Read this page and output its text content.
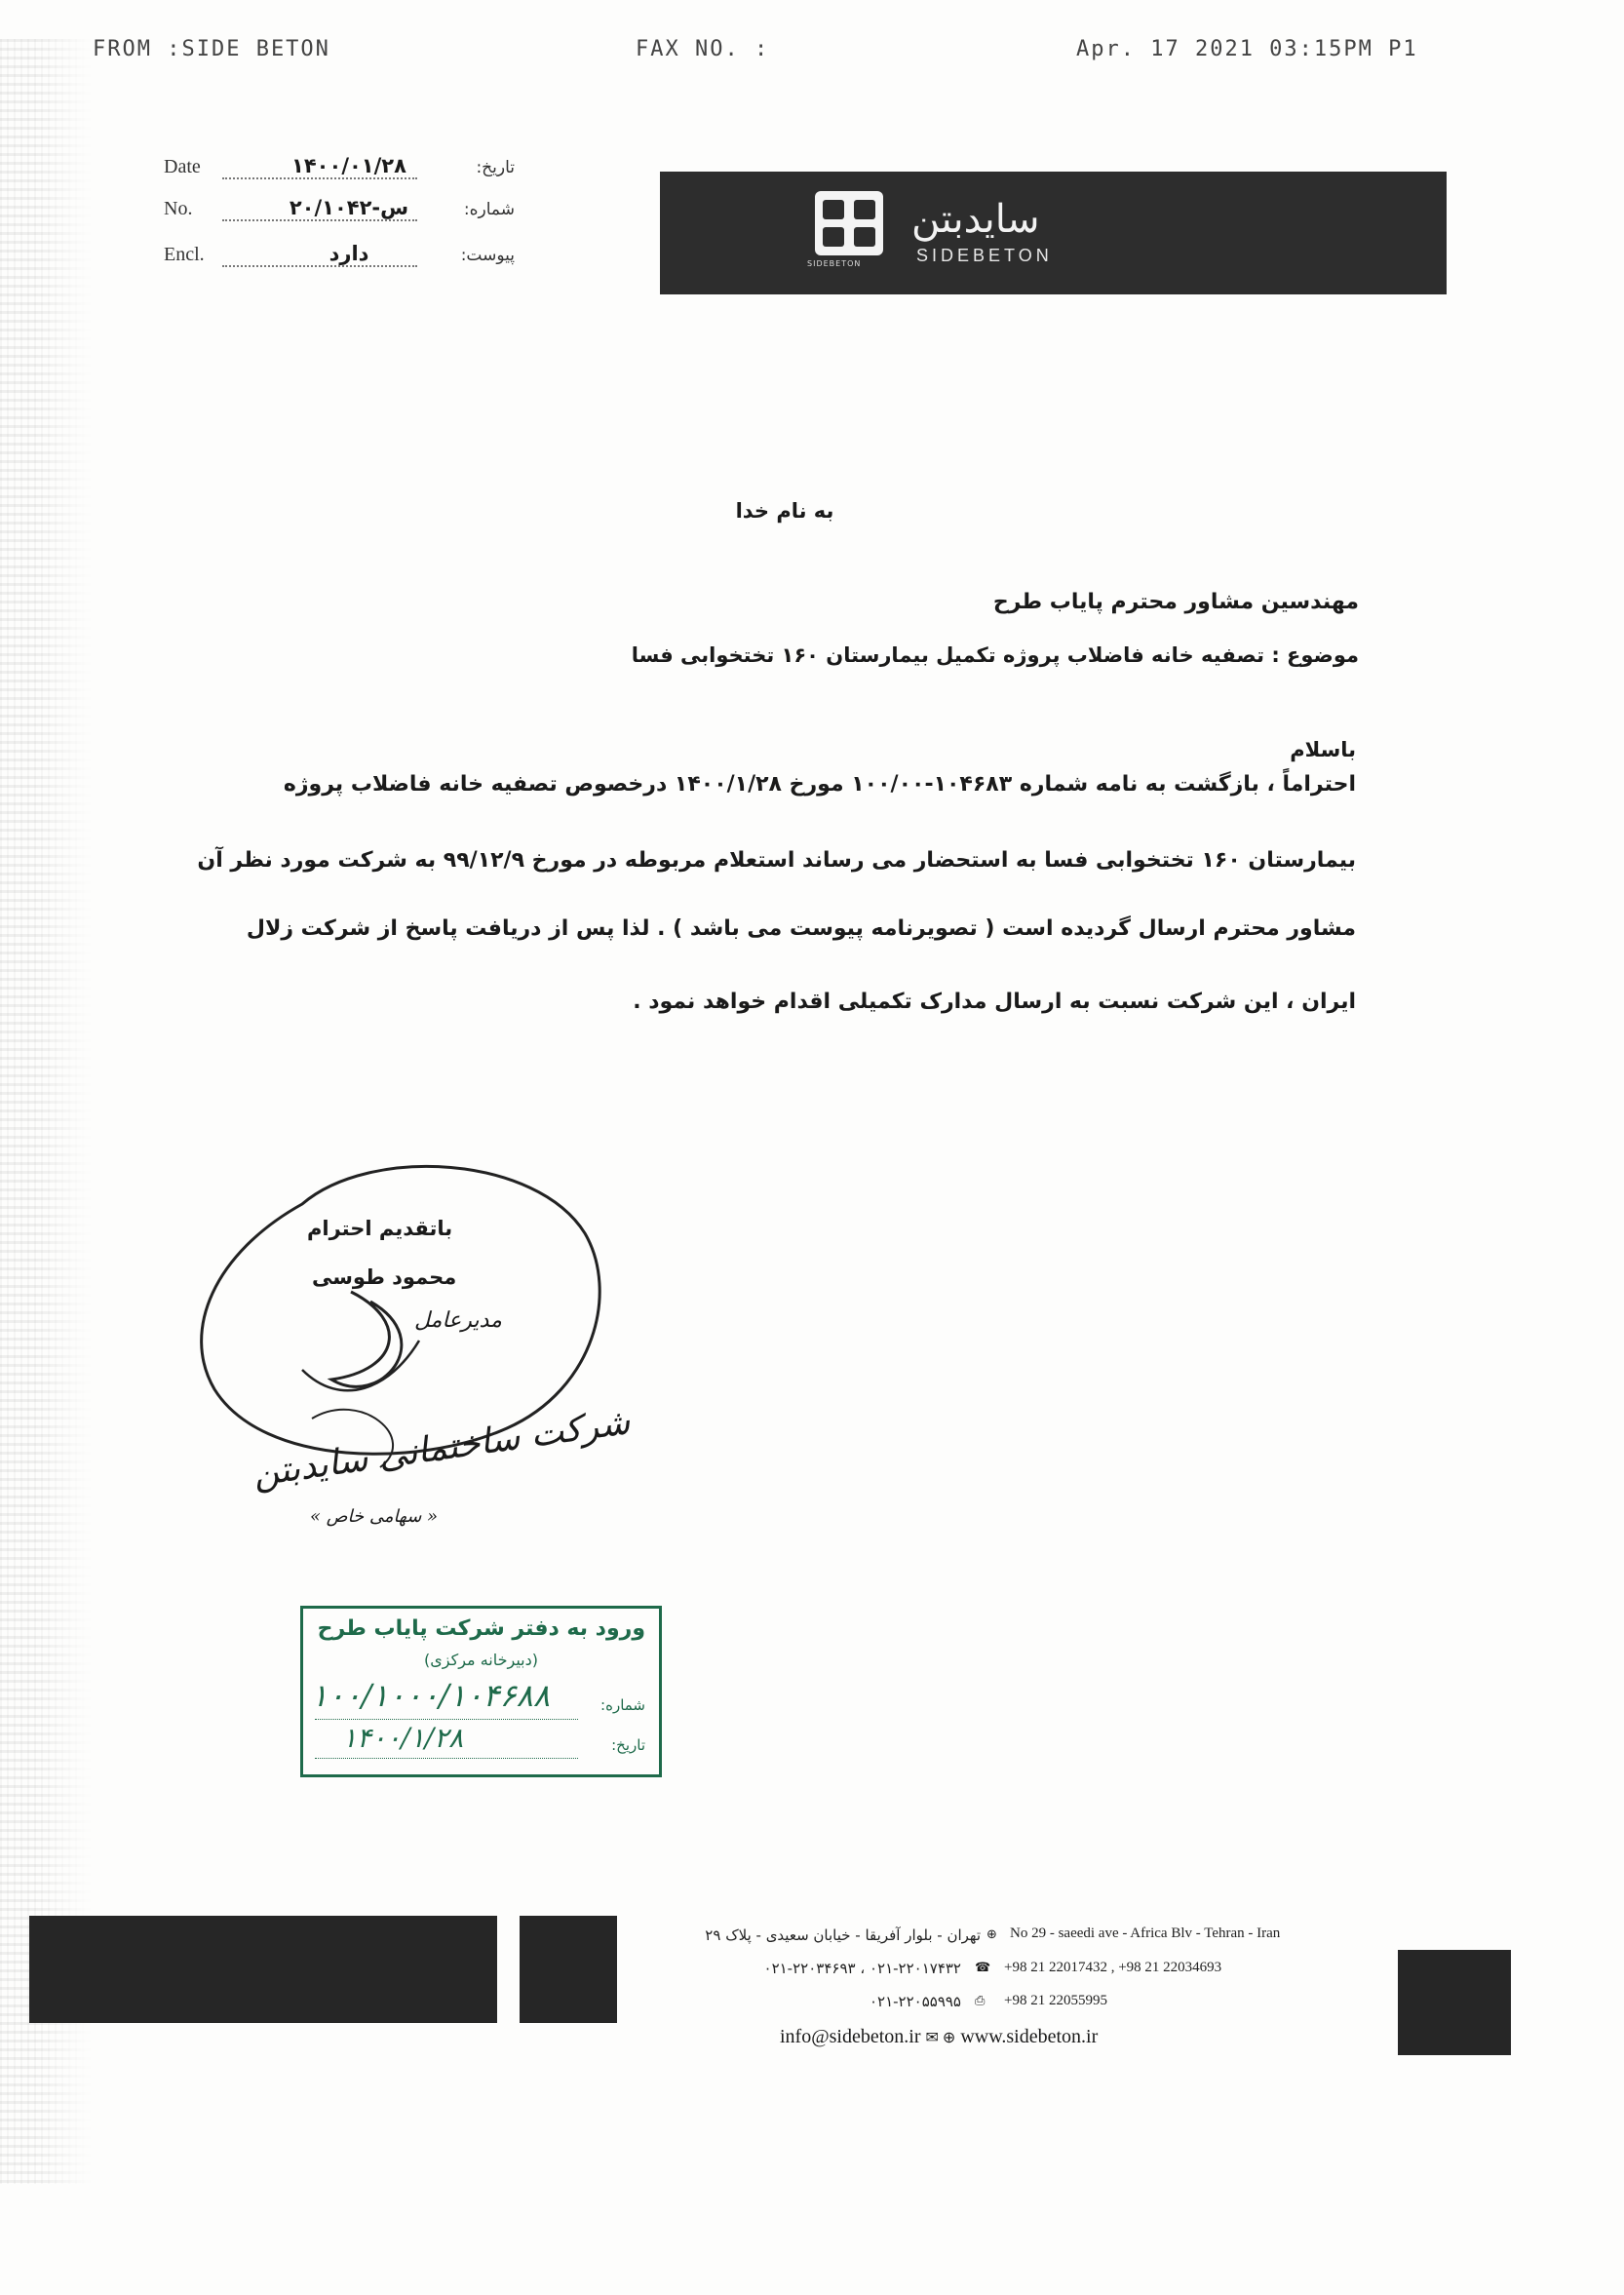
FROM :SIDE BETON	FAX NO. :	Apr. 17 2021 03:15PM P1
Date	۱۴۰۰/۰۱/۲۸	تاریخ:
No.	۲۰/۱۰۴۲-س	شماره:
Encl.	دارد	پیوست:	SIDEBETON
سایدبتن
SIDEBETON
به نام خدا
مهندسین مشاور محترم پایاب طرح
موضوع : تصفیه خانه فاضلاب پروژه تکمیل بیمارستان ۱۶۰ تختخوابی فسا
باسلام
احتراماً ، بازگشت به نامه شماره ۱۰۴۶۸۳-۱۰۰/۰۰ مورخ ۱۴۰۰/۱/۲۸ درخصوص تصفیه خانه فاضلاب پروژه
بیمارستان ۱۶۰ تختخوابی فسا به استحضار می رساند استعلام مربوطه در مورخ ۹۹/۱۲/۹ به شرکت مورد نظر آن
مشاور محترم ارسال گردیده است ( تصویرنامه پیوست می باشد ) . لذا پس از دریافت پاسخ از شرکت زلال
ایران ، این شرکت نسبت به ارسال مدارک تکمیلی اقدام خواهد نمود .
باتقدیم احترام
محمود طوسی
مدیرعامل
شرکت ساختمانی سایدبتن
« سهامی خاص »
ورود به دفتر شرکت پایاب طرح
(دبیرخانه مرکزی)
شماره:
۱۰۰/۱۰۰۰/۱۰۴۶۸۸
تاریخ:
۱۴۰۰/۱/۲۸
تهران - بلوار آفریقا - خیابان سعیدی - پلاک ۲۹ ⊕ No 29 - saeedi ave - Africa Blv - Tehran - Iran
۰۲۱-۲۲۰۱۷۴۳۲ ، ۰۲۱-۲۲۰۳۴۶۹۳ ☎ +98 21 22017432 , +98 21 22034693
۰۲۱-۲۲۰۵۵۹۹۵ ⎙ +98 21 22055995
info@sidebeton.ir ✉ ⊕ www.sidebeton.ir
